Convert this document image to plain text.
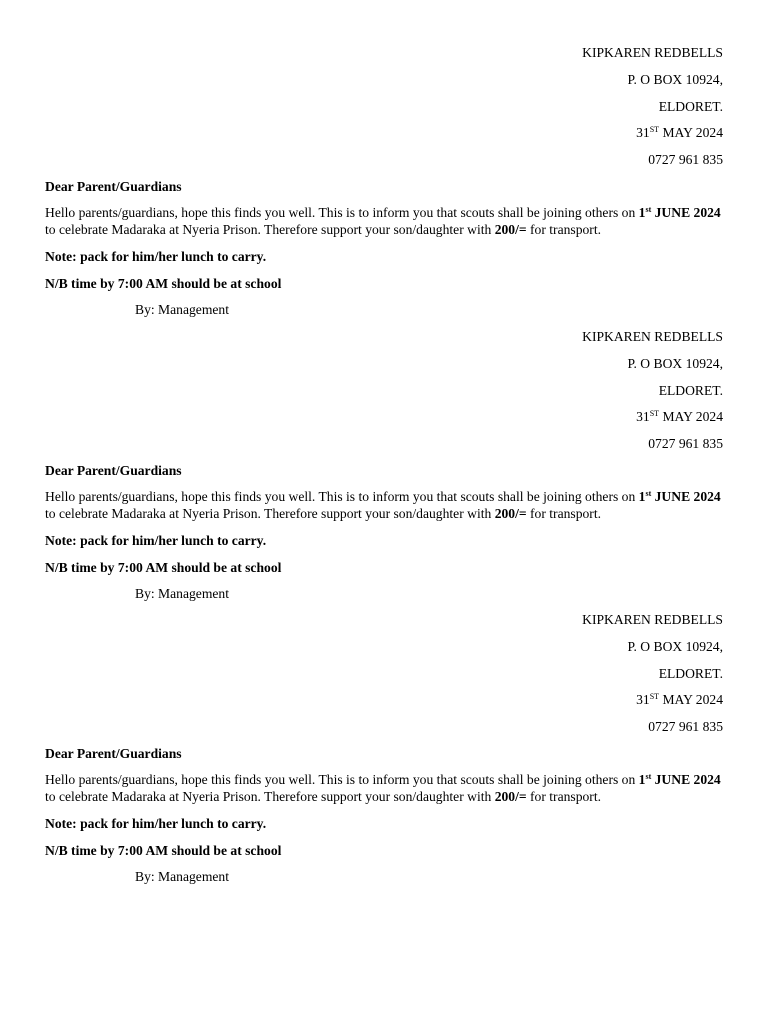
KIPKAREN REDBELLS
P. O BOX 10924,
ELDORET.
31ST MAY 2024
0727 961 835
Dear Parent/Guardians
Hello parents/guardians, hope this finds you well. This is to inform you that scouts shall be joining others on 1st JUNE 2024 to celebrate Madaraka at Nyeria Prison. Therefore support your son/daughter with 200/= for transport.
Note: pack for him/her lunch to carry.
N/B time by 7:00 AM should be at school
By: Management
KIPKAREN REDBELLS
P. O BOX 10924,
ELDORET.
31ST MAY 2024
0727 961 835
Dear Parent/Guardians
Hello parents/guardians, hope this finds you well. This is to inform you that scouts shall be joining others on 1st JUNE 2024 to celebrate Madaraka at Nyeria Prison. Therefore support your son/daughter with 200/= for transport.
Note: pack for him/her lunch to carry.
N/B time by 7:00 AM should be at school
By: Management
KIPKAREN REDBELLS
P. O BOX 10924,
ELDORET.
31ST MAY 2024
0727 961 835
Dear Parent/Guardians
Hello parents/guardians, hope this finds you well. This is to inform you that scouts shall be joining others on 1st JUNE 2024 to celebrate Madaraka at Nyeria Prison. Therefore support your son/daughter with 200/= for transport.
Note: pack for him/her lunch to carry.
N/B time by 7:00 AM should be at school
By: Management
